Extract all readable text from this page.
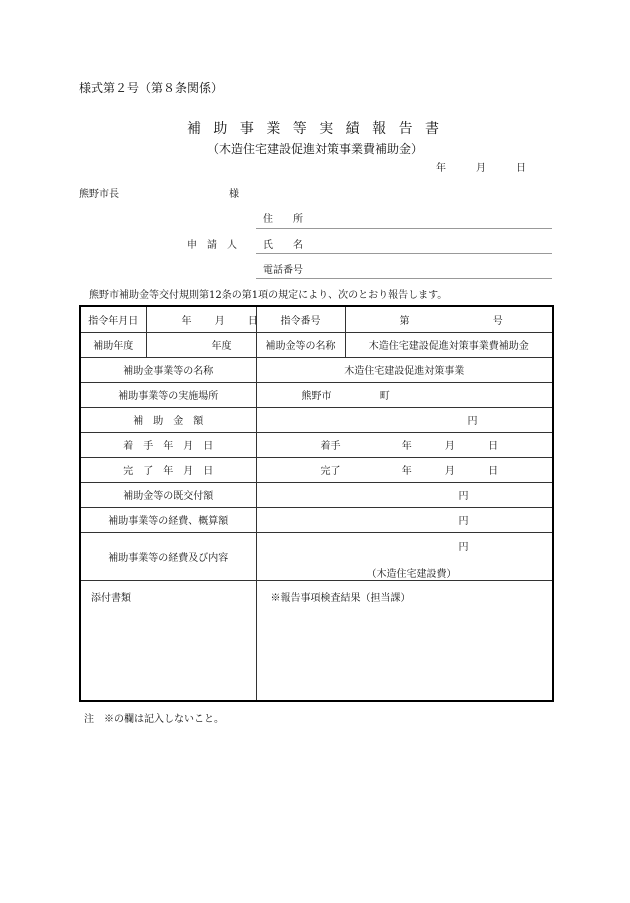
様式第２号（第８条関係）
補 助 事 業 等 実 績 報 告 書
（木造住宅建設促進対策事業費補助金）
年	月	日
熊野市長	様
住　　所
申　請　人	氏　　名
電話番号
熊野市補助金等交付規則第12条の第1項の規定により、次のとおり報告します。
指令年月日	年 月 日	指令番号	第 号
補助年度	年度	補助金等の名称	木造住宅建設促進対策事業費補助金
補助金事業等の名称		木造住宅建設促進対策事業	
補助事業等の実施場所		熊野市 町	
補　助　金　額		円	
着　手　年　月　日		着手 年 月 日	
完　了　年　月　日		完了 年 月 日	
補助金等の既交付額		円	
補助事業等の経費、概算額		円	
補助事業等の経費及び内容		円
（木造住宅建設費）	

添付書類		※報告事項検査結果（担当課）	
注　※の欄は記入しないこと。
